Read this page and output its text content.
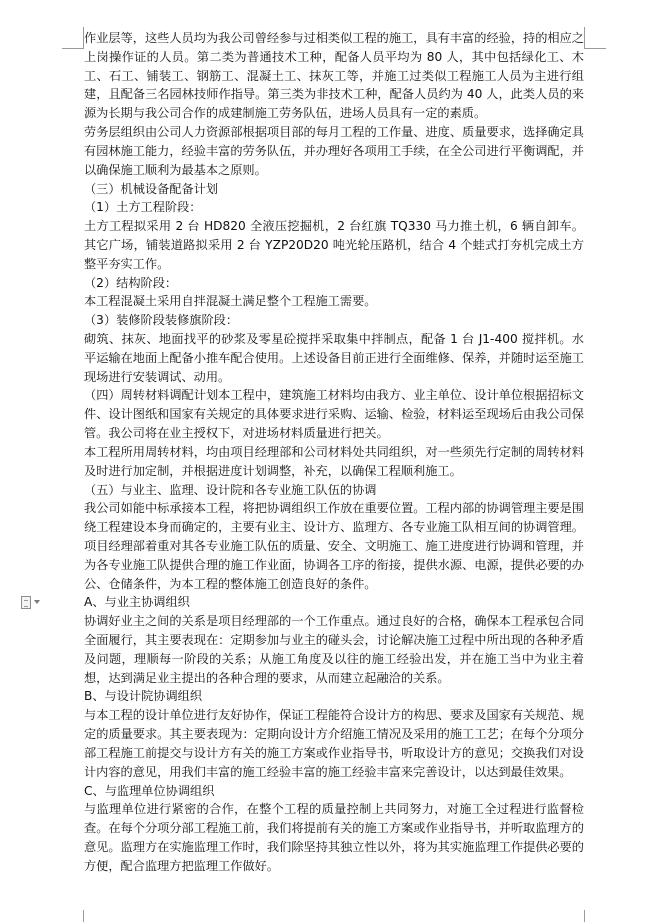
作业层等，这些人员均为我公司曾经参与过相类似工程的施工，具有丰富的经验，持的相应之上岗操作证的人员。第二类为普通技术工种，配备人员平均为 80 人，其中包括绿化工、木工、石工、铺装工、钢筋工、混凝土工、抹灰工等，并施工过类似工程施工人员为主进行组建，且配备三名园林技师作指导。第三类为非技术工种，配备人员约为 40 人，此类人员的来源为长期与我公司合作的成建制施工劳务队伍，进场人员具有一定的素质。

劳务层组织由公司人力资源部根据项目部的每月工程的工作量、进度、质量要求，选择确定具有园林施工能力，经验丰富的劳务队伍，并办理好各项用工手续，在全公司进行平衡调配，并以确保施工顺利为最基本之原则。

（三）机械设备配备计划

（1）土方工程阶段：

土方工程拟采用 2 台 HD820 全液压挖掘机，2 台红旗 TQ330 马力推土机，6 辆自卸车。其它广场，铺装道路拟采用 2 台 YZP20D20 吨光轮压路机，结合 4 个蛙式打夯机完成土方整平夯实工作。

（2）结构阶段：

本工程混凝土采用自拌混凝土满足整个工程施工需要。

（3）装修阶段装修旗阶段：

砌筑、抹灰、地面找平的砂浆及零星砼搅拌采取集中拌制点，配备 1 台 J1-400 搅拌机。水平运输在地面上配备小推车配合使用。上述设备目前正进行全面维修、保养，并随时运至施工现场进行安装调试、动用。

（四）周转材料调配计划本工程中，建筑施工材料均由我方、业主单位、设计单位根据招标文件、设计图纸和国家有关规定的具体要求进行采购、运输、检验，材料运至现场后由我公司保管。我公司将在业主授权下，对进场材料质量进行把关。

本工程所用周转材料，均由项目经理部和公司材料处共同组织，对一些须先行定制的周转材料及时进行加定制，并根据进度计划调整，补充，以确保工程顺利施工。

（五）与业主、监理、设计院和各专业施工队伍的协调

我公司如能中标承接本工程，将把协调组织工作放在重要位置。工程内部的协调管理主要是围绕工程建设本身而确定的，主要有业主、设计方、监理方、各专业施工队相互间的协调管理。项目经理部着重对其各专业施工队伍的质量、安全、文明施工、施工进度进行协调和管理，并为各专业施工队提供合理的施工作业面，协调各工序的衔接，提供水源、电源，提供必要的办公、仓储条件，为本工程的整体施工创造良好的条件。

A、与业主协调组织

协调好业主之间的关系是项目经理部的一个工作重点。通过良好的合格，确保本工程承包合同全面履行，其主要表现在：定期参加与业主的碰头会，讨论解决施工过程中所出现的各种矛盾及问题，理顺每一阶段的关系；从施工角度及以往的施工经验出发，并在施工当中为业主着想，达到满足业主提出的各种合理的要求，从而建立起融洽的关系。

B、与设计院协调组织

与本工程的设计单位进行友好协作，保证工程能符合设计方的构思、要求及国家有关规范、规定的质量要求。其主要表现为：定期向设计方介绍施工情况及采用的施工工艺；在每个分项分部工程施工前提交与设计方有关的施工方案或作业指导书，听取设计方的意见；交换我们对设计内容的意见，用我们丰富的施工经验丰富的施工经验丰富来完善设计，以达到最佳效果。

C、与监理单位协调组织

与监理单位进行紧密的合作，在整个工程的质量控制上共同努力，对施工全过程进行监督检查。在每个分项分部工程施工前，我们将提前有关的施工方案或作业指导书，并听取监理方的意见。监理方在实施监理工作时，我们除坚持其独立性以外，将为其实施监理工作提供必要的方便，配合监理方把监理工作做好。
